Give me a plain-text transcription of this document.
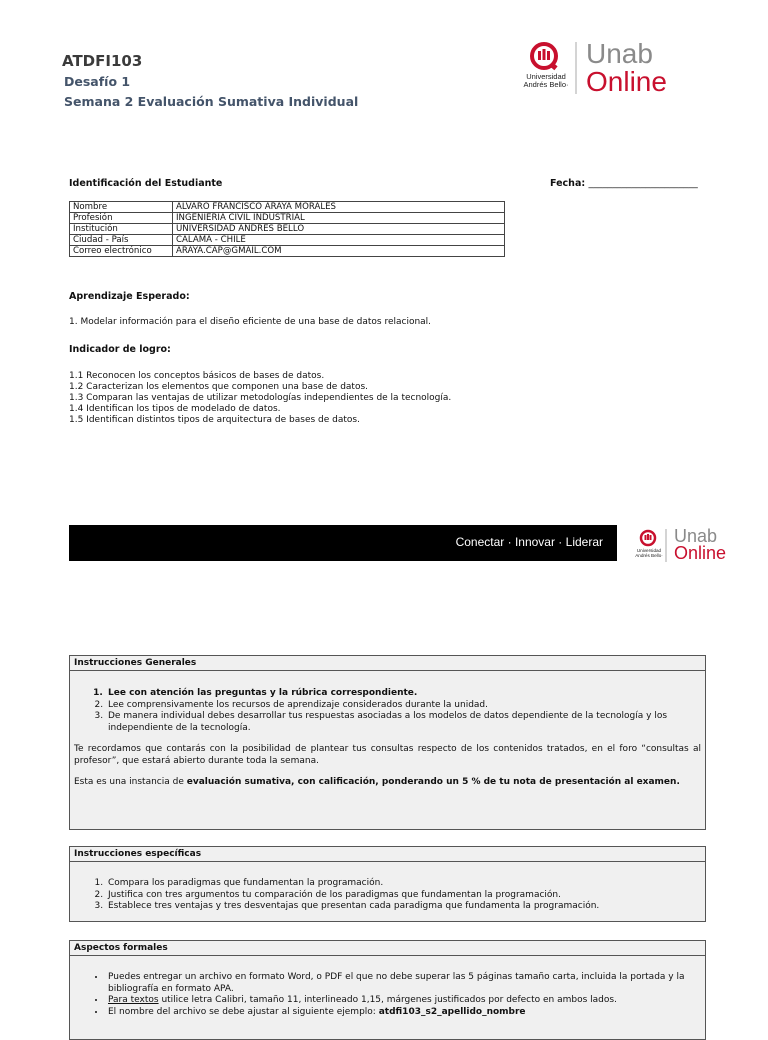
ATDFI103
Desafío 1
Semana 2 Evaluación Sumativa Individual
Universidad
Andrés Bello·
Unab
Online
Identificación del Estudiante	Fecha: _______________________
Nombre	ALVARO FRANCISCO ARAYA MORALES
Profesión	INGENIERIA CIVIL INDUSTRIAL
Institución	UNIVERSIDAD ANDRES BELLO
Ciudad - País	CALAMA - CHILE
Correo electrónico	ARAYA.CAP@GMAIL.COM
Aprendizaje Esperado:
1. Modelar información para el diseño eficiente de una base de datos relacional.
Indicador de logro:
1.1 Reconocen los conceptos básicos de bases de datos.
1.2 Caracterizan los elementos que componen una base de datos.
1.3 Comparan las ventajas de utilizar metodologías independientes de la tecnología.
1.4 Identifican los tipos de modelado de datos.
1.5 Identifican distintos tipos de arquitectura de bases de datos.
Conectar · Innovar · Liderar
Universidad
Andrés Bello·
Unab
Online
Instrucciones Generales
1. Lee con atención las preguntas y la rúbrica correspondiente.
2. Lee comprensivamente los recursos de aprendizaje considerados durante la unidad.
3. De manera individual debes desarrollar tus respuestas asociadas a los modelos de datos dependiente de la tecnología y los independiente de la tecnología.

Te recordamos que contarás con la posibilidad de plantear tus consultas respecto de los contenidos tratados, en el foro “consultas al profesor”, que estará abierto durante toda la semana.

Esta es una instancia de evaluación sumativa, con calificación, ponderando un 5 % de tu nota de presentación al examen.

Instrucciones específicas
1. Compara los paradigmas que fundamentan la programación.
2. Justifica con tres argumentos tu comparación de los paradigmas que fundamentan la programación.
3. Establece tres ventajas y tres desventajas que presentan cada paradigma que fundamenta la programación.
Aspectos formales
• Puedes entregar un archivo en formato Word, o PDF el que no debe superar las 5 páginas tamaño carta, incluida la portada y la bibliografía en formato APA.
• Para textos utilice letra Calibri, tamaño 11, interlineado 1,15, márgenes justificados por defecto en ambos lados.
• El nombre del archivo se debe ajustar al siguiente ejemplo: atdfi103_s2_apellido_nombre
